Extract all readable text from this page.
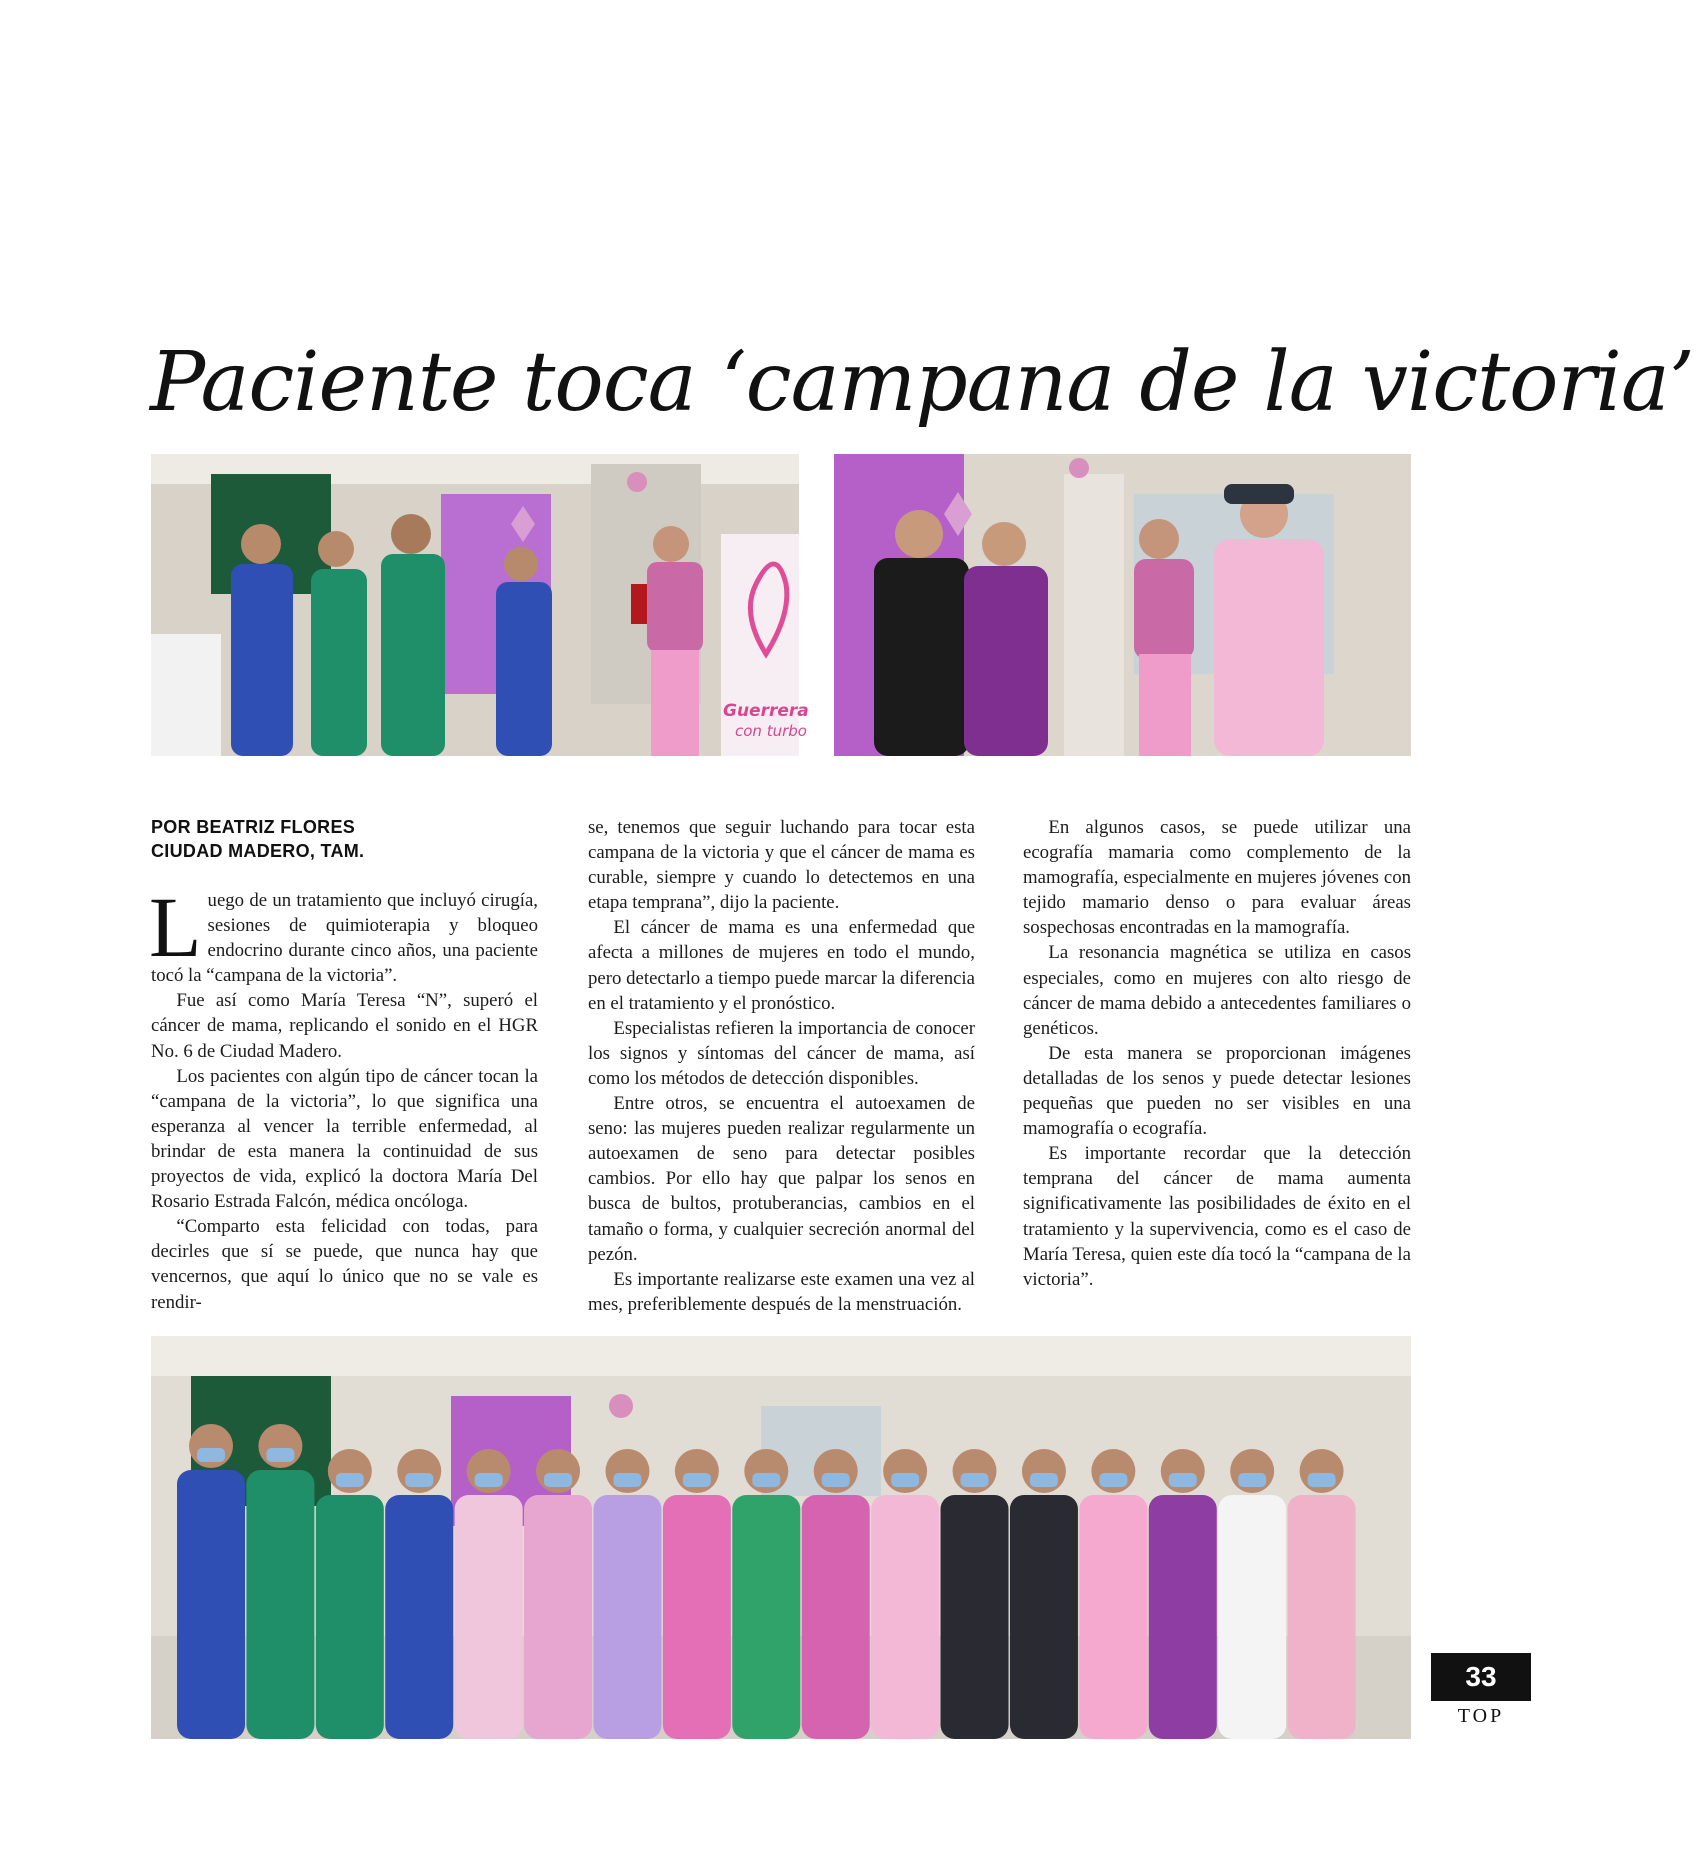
Paciente toca ‘campana de la victoria’
Guerrera
con turbo
POR BEATRIZ FLORES
CIUDAD MADERO, TAM.

Luego de un tratamiento que incluyó cirugía, sesiones de quimioterapia y bloqueo endocrino durante cinco años, una paciente tocó la “campana de la victoria”.

Fue así como María Teresa “N”, superó el cáncer de mama, replicando el sonido en el HGR No. 6 de Ciudad Madero.

Los pacientes con algún tipo de cáncer tocan la “campana de la victoria”, lo que significa una esperanza al vencer la terrible enfermedad, al brindar de esta manera la continuidad de sus proyectos de vida, explicó la doctora María Del Rosario Estrada Falcón, médica oncóloga.

“Comparto esta felicidad con todas, para decirles que sí se puede, que nunca hay que vencernos, que aquí lo único que no se vale es rendir-

se, tenemos que seguir luchando para tocar esta campana de la victoria y que el cáncer de mama es curable, siempre y cuando lo detectemos en una etapa temprana”, dijo la paciente.

El cáncer de mama es una enfermedad que afecta a millones de mujeres en todo el mundo, pero detectarlo a tiempo puede marcar la diferencia en el tratamiento y el pronóstico.

Especialistas refieren la importancia de conocer los signos y síntomas del cáncer de mama, así como los métodos de detección disponibles.

Entre otros, se encuentra el autoexamen de seno: las mujeres pueden realizar regularmente un autoexamen de seno para detectar posibles cambios. Por ello hay que palpar los senos en busca de bultos, protuberancias, cambios en el tamaño o forma, y cualquier secreción anormal del pezón.

Es importante realizarse este examen una vez al mes, preferiblemente después de la menstruación.

En algunos casos, se puede utilizar una ecografía mamaria como complemento de la mamografía, especialmente en mujeres jóvenes con tejido mamario denso o para evaluar áreas sospechosas encontradas en la mamografía.

La resonancia magnética se utiliza en casos especiales, como en mujeres con alto riesgo de cáncer de mama debido a antecedentes familiares o genéticos.

De esta manera se proporcionan imágenes detalladas de los senos y puede detectar lesiones pequeñas que pueden no ser visibles en una mamografía o ecografía.

Es importante recordar que la detección temprana del cáncer de mama aumenta significativamente las posibilidades de éxito en el tratamiento y la supervivencia, como es el caso de María Teresa, quien este día tocó la “campana de la victoria”.

33
TOP
